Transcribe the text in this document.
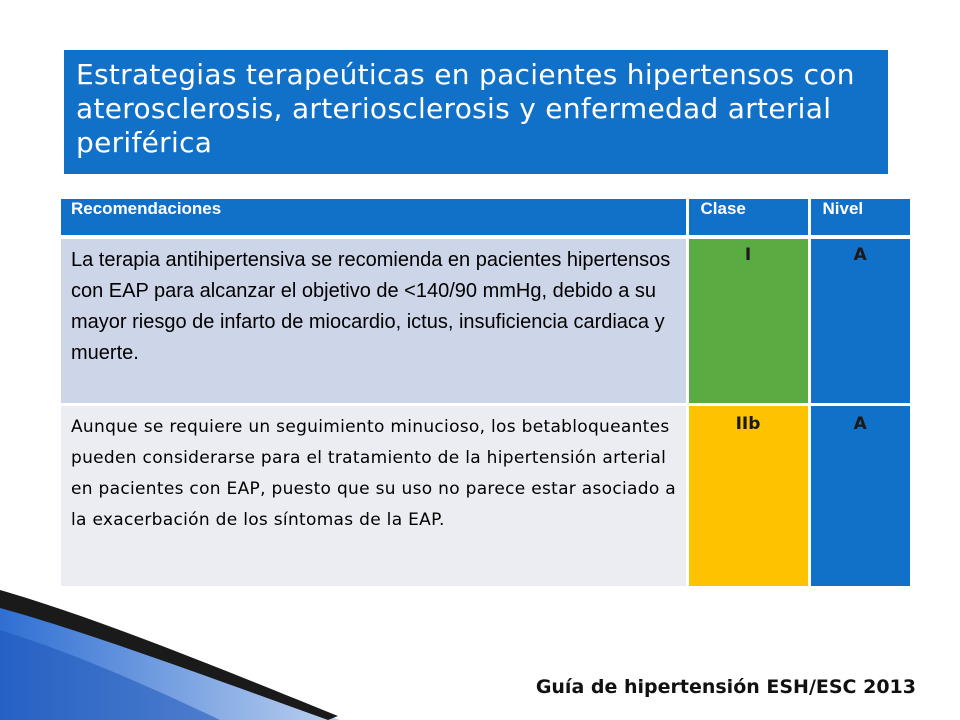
Estrategias terapeúticas en pacientes hipertensos con aterosclerosis, arteriosclerosis y enfermedad arterial periférica
Recomendaciones	Clase	Nivel
La terapia antihipertensiva se recomienda en pacientes hipertensos con EAP para alcanzar el objetivo de <140/90 mmHg, debido a su mayor riesgo de infarto de miocardio, ictus, insuficiencia cardiaca y muerte.	I	A
Aunque se requiere un seguimiento minucioso, los betabloqueantes pueden considerarse para el tratamiento de la hipertensión arterial en pacientes con EAP, puesto que su uso no parece estar asociado a la exacerbación de los síntomas de la EAP.	IIb	A
Guía de hipertensión ESH/ESC 2013
